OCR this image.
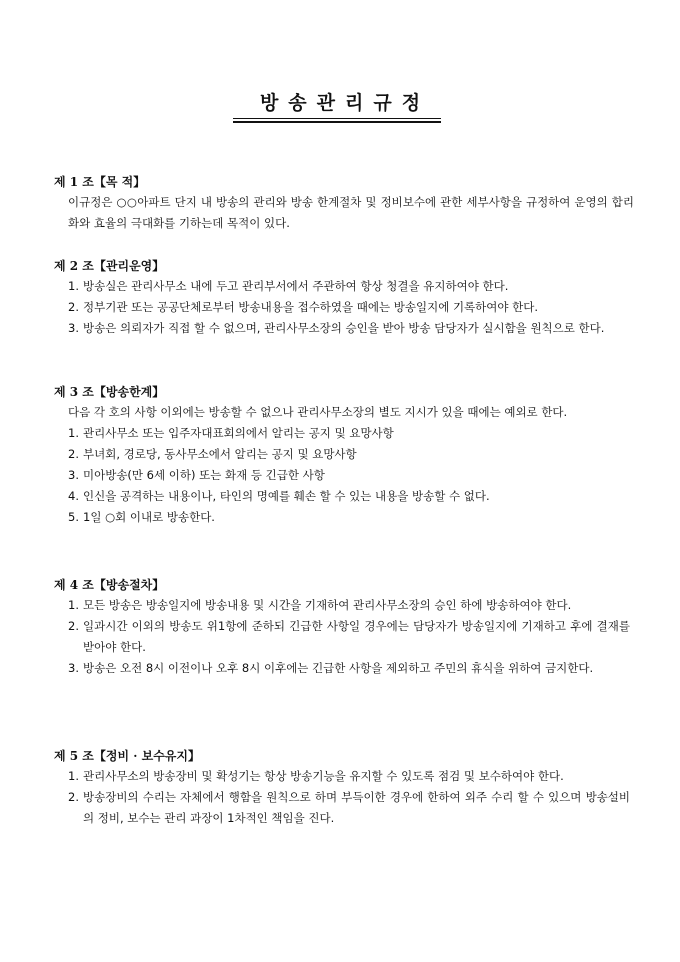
방송관리규정
제 1 조【목 적】
이규정은 ○○아파트 단지 내 방송의 관리와 방송 한계절차 및 정비보수에 관한 세부사항을 규정하여 운영의 합리화와 효율의 극대화를 기하는데 목적이 있다.
제 2 조【관리운영】
1. 방송실은 관리사무소 내에 두고 관리부서에서 주관하여 항상 청결을 유지하여야 한다.
2. 정부기관 또는 공공단체로부터 방송내용을 접수하였을 때에는 방송일지에 기록하여야 한다.
3. 방송은 의뢰자가 직접 할 수 없으며, 관리사무소장의 승인을 받아 방송 담당자가 실시함을 원칙으로 한다.
제 3 조【방송한계】
다음 각 호의 사항 이외에는 방송할 수 없으나 관리사무소장의 별도 지시가 있을 때에는 예외로 한다.
1. 관리사무소 또는 입주자대표회의에서 알리는 공지 및 요망사항
2. 부녀회, 경로당, 동사무소에서 알리는 공지 및 요망사항
3. 미아방송(만 6세 이하) 또는 화재 등 긴급한 사항
4. 인신을 공격하는 내용이나, 타인의 명예를 훼손 할 수 있는 내용을 방송할 수 없다.
5. 1일 ○회 이내로 방송한다.
제 4 조【방송절차】
1. 모든 방송은 방송일지에 방송내용 및 시간을 기재하여 관리사무소장의 승인 하에 방송하여야 한다.
2. 일과시간 이외의 방송도 위1항에 준하되 긴급한 사항일 경우에는 담당자가 방송일지에 기재하고 후에 결재를 받아야 한다.
3. 방송은 오전 8시 이전이나 오후 8시 이후에는 긴급한 사항을 제외하고 주민의 휴식을 위하여 금지한다.
제 5 조【정비 · 보수유지】
1. 관리사무소의 방송장비 및 확성기는 항상 방송기능을 유지할 수 있도록 점검 및 보수하여야 한다.
2. 방송장비의 수리는 자체에서 행함을 원칙으로 하며 부득이한 경우에 한하여 외주 수리 할 수 있으며 방송설비의 정비, 보수는 관리 과장이 1차적인 책임을 진다.
